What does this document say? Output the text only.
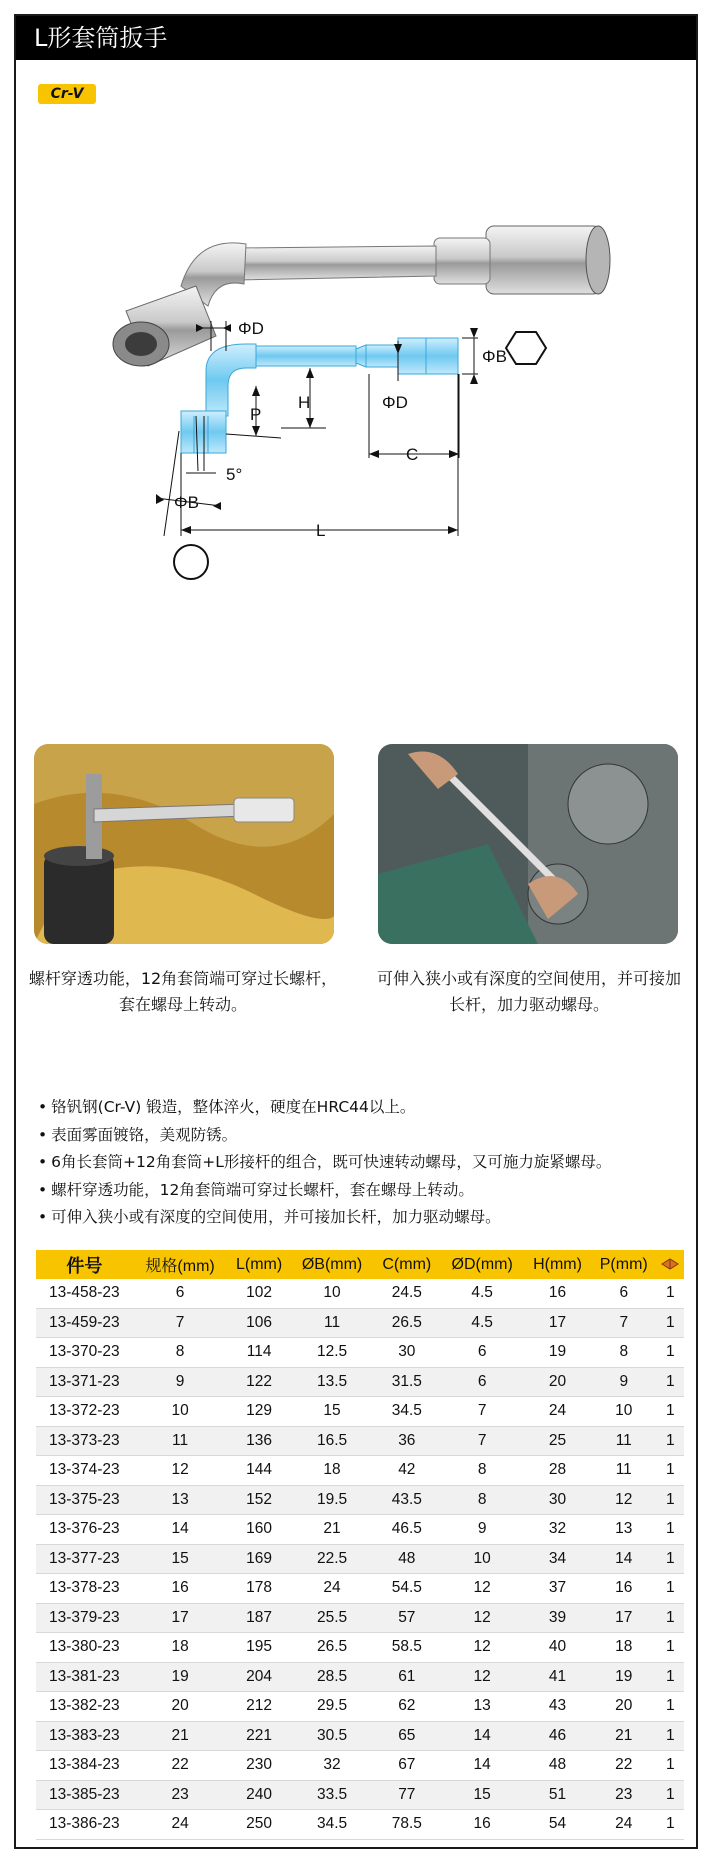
L形套筒扳手
Cr-V
ΦD
ΦB
H
P
ΦD
C
5°
ΦB
L
螺杆穿透功能，12角套筒端可穿过长螺杆，套在螺母上转动。
可伸入狭小或有深度的空间使用，并可接加长杆，加力驱动螺母。
• 铬钒钢(Cr-V) 锻造，整体淬火，硬度在HRC44以上。
• 表面雾面镀铬，美观防锈。
• 6角长套筒+12角套筒+L形接杆的组合，既可快速转动螺母，又可施力旋紧螺母。
• 螺杆穿透功能，12角套筒端可穿过长螺杆，套在螺母上转动。
• 可伸入狭小或有深度的空间使用，并可接加长杆，加力驱动螺母。
件号	规格(mm)	L(mm)	ØB(mm)	C(mm)	ØD(mm)	H(mm)	P(mm)	
13-458-23	6	102	10	24.5	4.5	16	6	1
13-459-23	7	106	11	26.5	4.5	17	7	1
13-370-23	8	114	12.5	30	6	19	8	1
13-371-23	9	122	13.5	31.5	6	20	9	1
13-372-23	10	129	15	34.5	7	24	10	1
13-373-23	11	136	16.5	36	7	25	11	1
13-374-23	12	144	18	42	8	28	11	1
13-375-23	13	152	19.5	43.5	8	30	12	1
13-376-23	14	160	21	46.5	9	32	13	1
13-377-23	15	169	22.5	48	10	34	14	1
13-378-23	16	178	24	54.5	12	37	16	1
13-379-23	17	187	25.5	57	12	39	17	1
13-380-23	18	195	26.5	58.5	12	40	18	1
13-381-23	19	204	28.5	61	12	41	19	1
13-382-23	20	212	29.5	62	13	43	20	1
13-383-23	21	221	30.5	65	14	46	21	1
13-384-23	22	230	32	67	14	48	22	1
13-385-23	23	240	33.5	77	15	51	23	1
13-386-23	24	250	34.5	78.5	16	54	24	1
